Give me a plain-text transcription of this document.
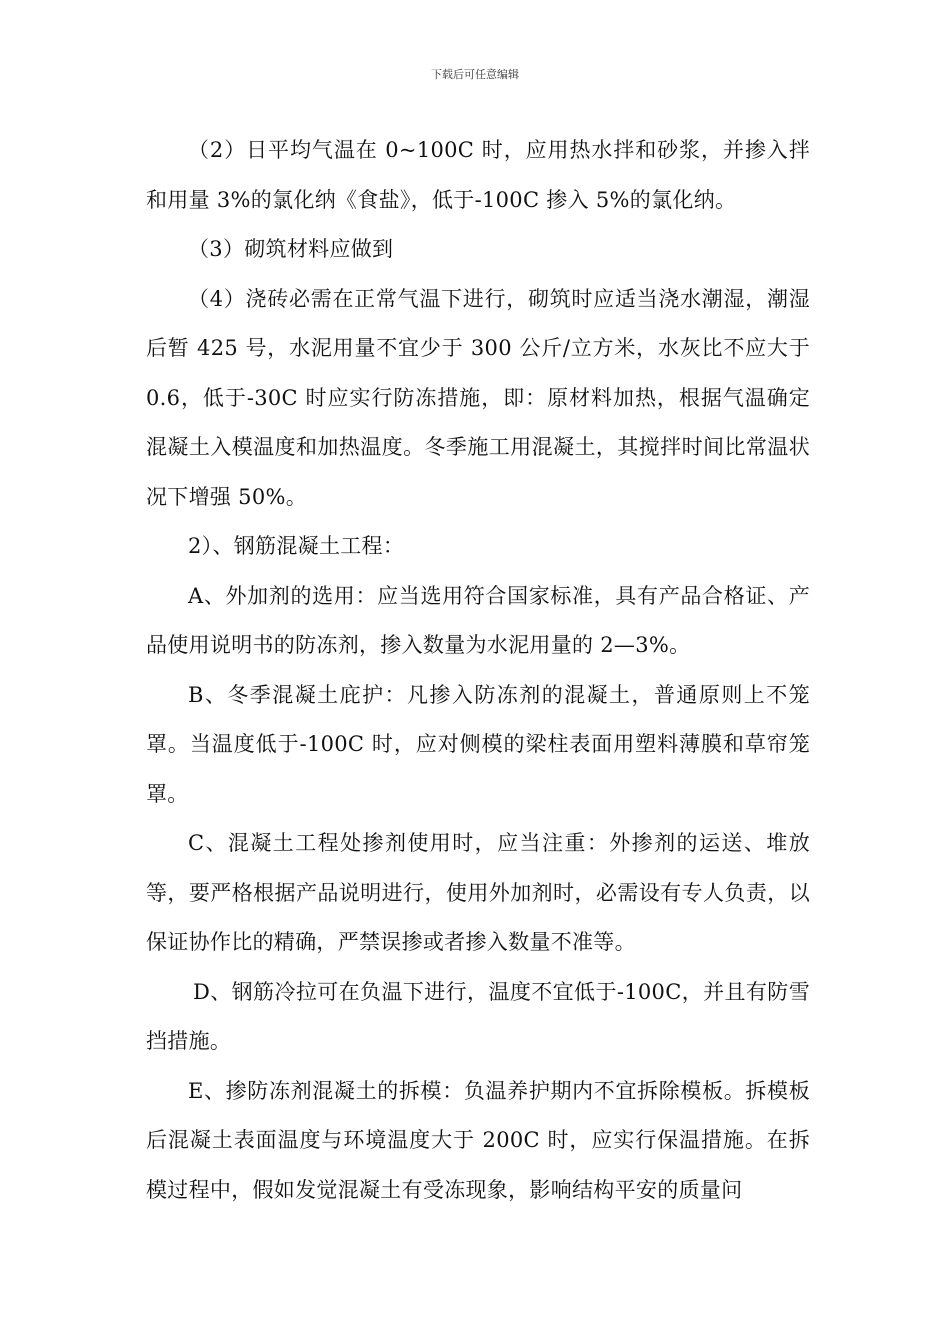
下载后可任意编辑

（2）日平均气温在 0~100C 时，应用热水拌和砂浆，并掺入拌和用量 3%的氯化纳《食盐》，低于-100C 掺入 5%的氯化纳。

（3）砌筑材料应做到

（4）浇砖必需在正常气温下进行，砌筑时应适当浇水潮湿，潮湿后暂 425 号，水泥用量不宜少于 300 公斤/立方米，水灰比不应大于 0.6，低于-30C 时应实行防冻措施，即：原材料加热，根据气温确定混凝土入模温度和加热温度。冬季施工用混凝土，其搅拌时间比常温状况下增强 50%。

2）、钢筋混凝土工程：

A、外加剂的选用：应当选用符合国家标准，具有产品合格证、产品使用说明书的防冻剂，掺入数量为水泥用量的 2—3%。

B、冬季混凝土庇护：凡掺入防冻剂的混凝土，普通原则上不笼罩。当温度低于-100C 时，应对侧模的梁柱表面用塑料薄膜和草帘笼罩。

C、混凝土工程处掺剂使用时，应当注重：外掺剂的运送、堆放等，要严格根据产品说明进行，使用外加剂时，必需设有专人负责，以保证协作比的精确，严禁误掺或者掺入数量不准等。

D、钢筋冷拉可在负温下进行，温度不宜低于-100C，并且有防雪挡措施。

E、掺防冻剂混凝土的拆模：负温养护期内不宜拆除模板。拆模板后混凝土表面温度与环境温度大于 200C 时，应实行保温措施。在拆模过程中，假如发觉混凝土有受冻现象，影响结构平安的质量问
